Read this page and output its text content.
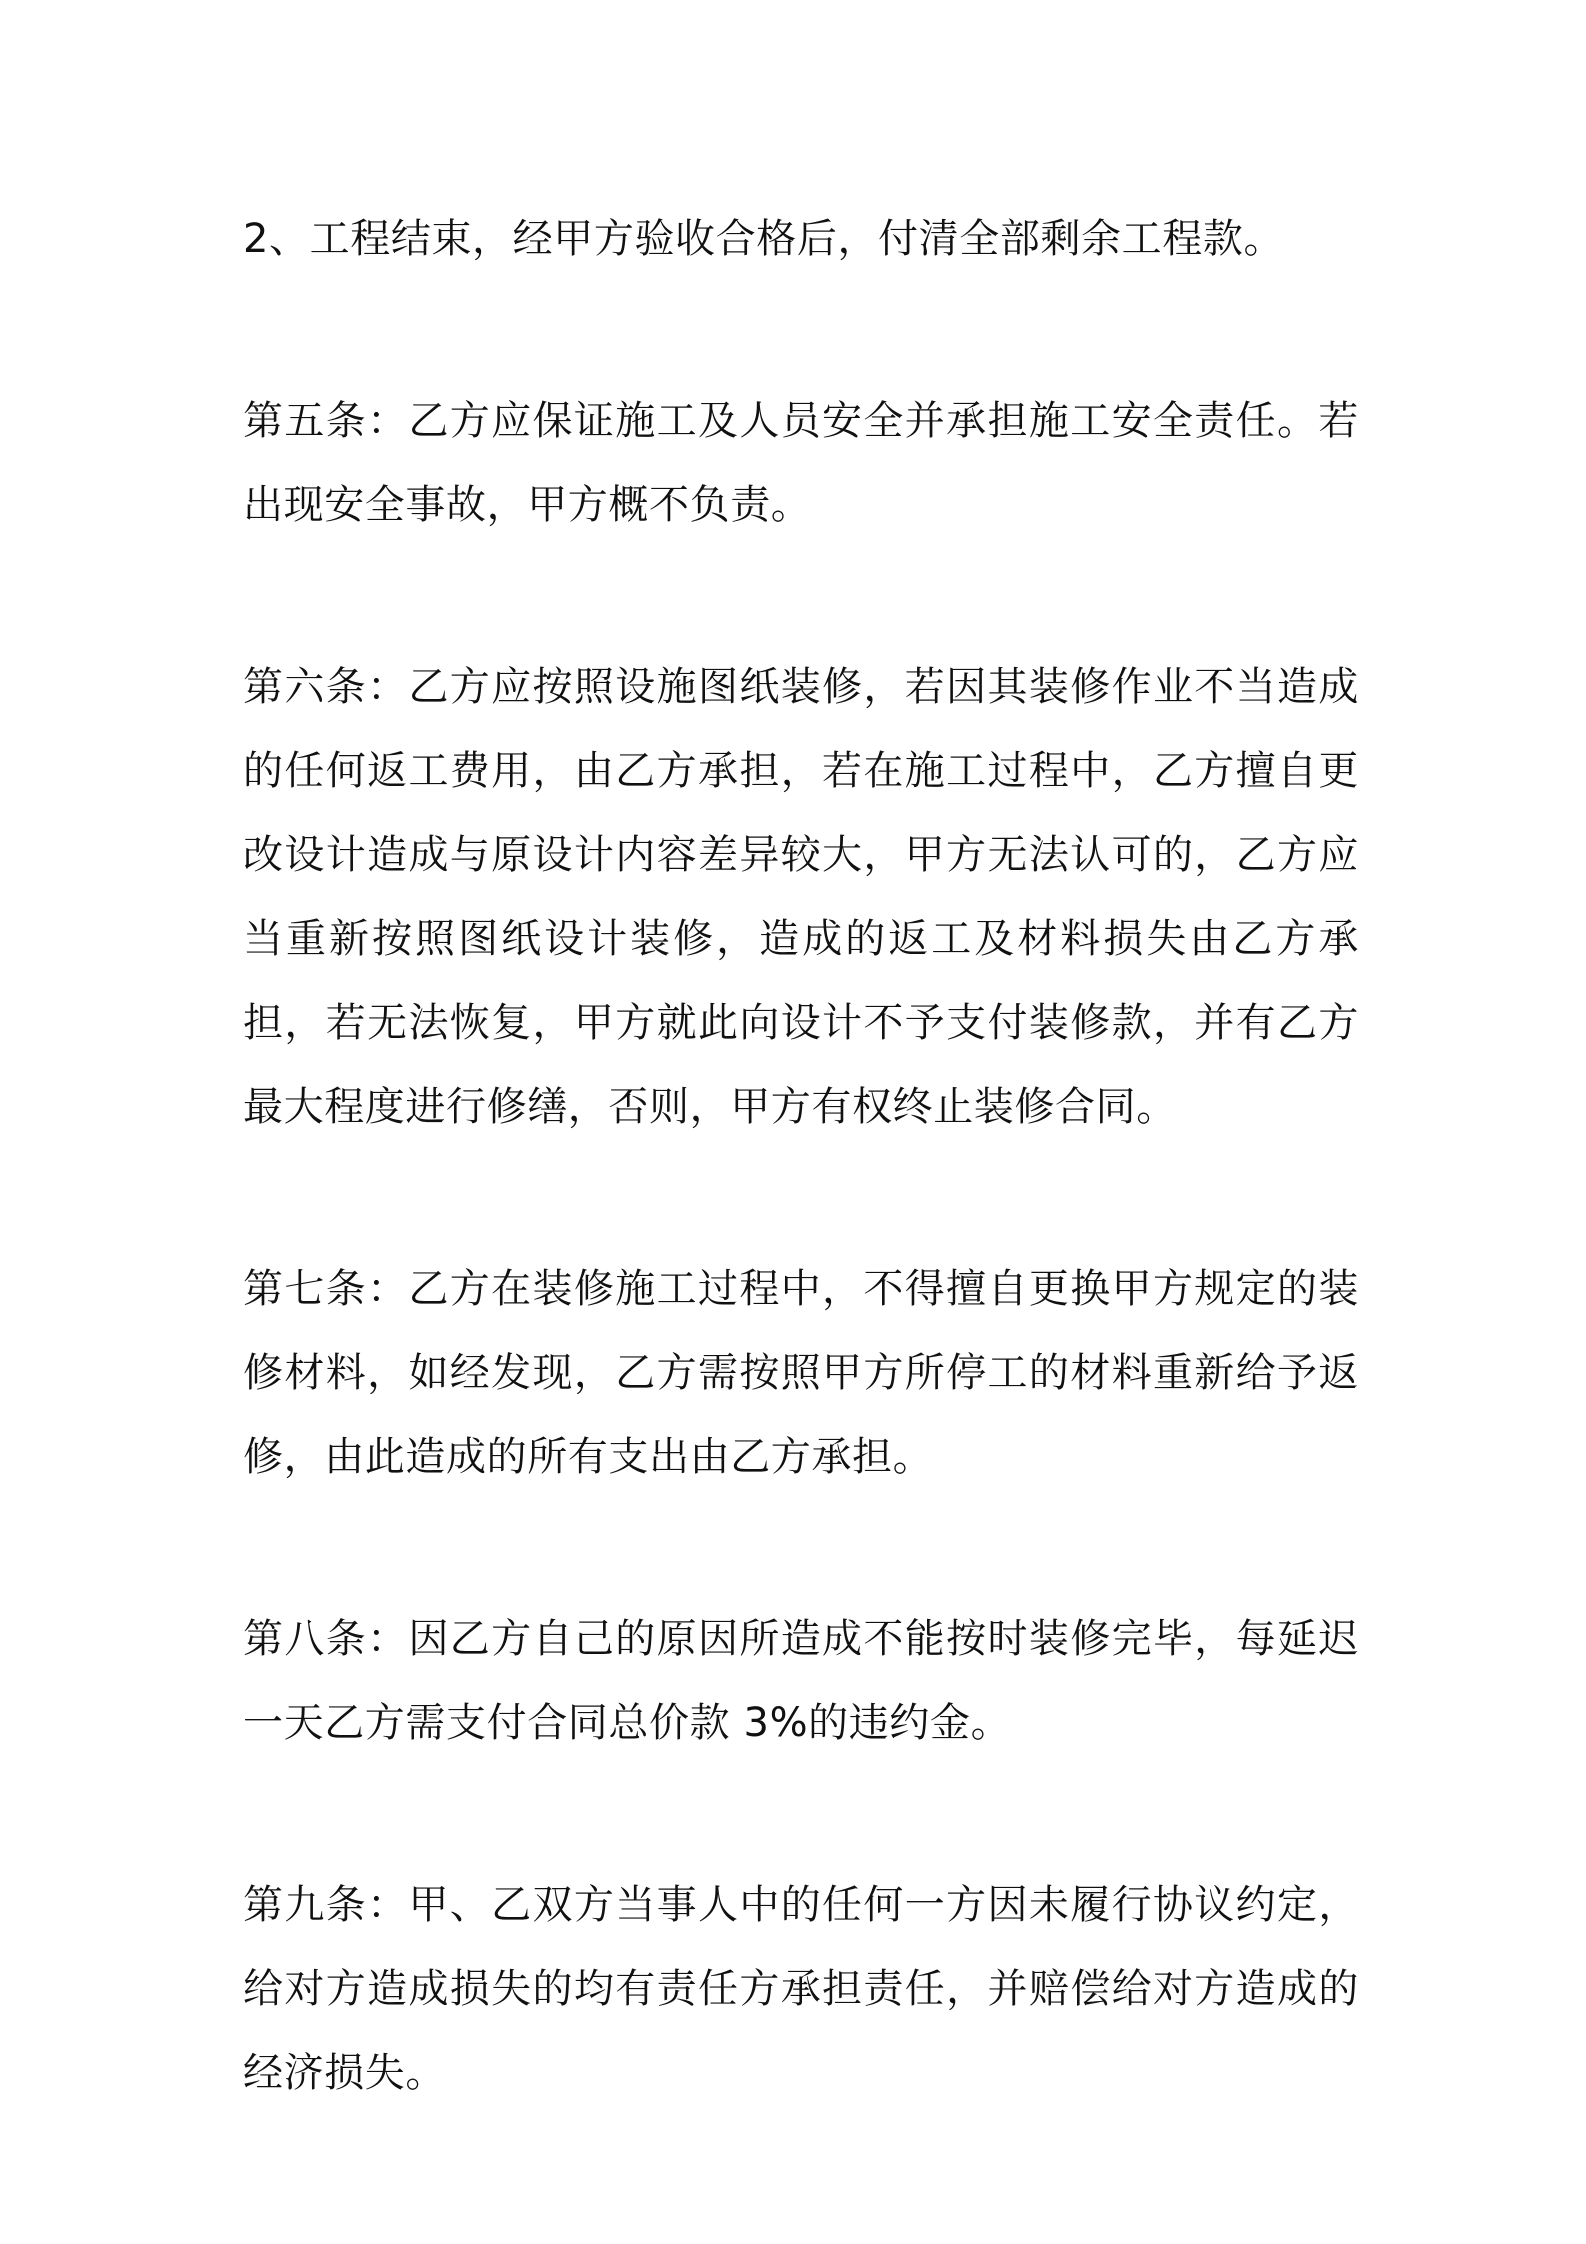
2、工程结束，经甲方验收合格后，付清全部剩余工程款。

第五条：乙方应保证施工及人员安全并承担施工安全责任。若出现安全事故，甲方概不负责。

第六条：乙方应按照设施图纸装修，若因其装修作业不当造成的任何返工费用，由乙方承担，若在施工过程中，乙方擅自更改设计造成与原设计内容差异较大，甲方无法认可的，乙方应当重新按照图纸设计装修，造成的返工及材料损失由乙方承担，若无法恢复，甲方就此向设计不予支付装修款，并有乙方最大程度进行修缮，否则，甲方有权终止装修合同。

第七条：乙方在装修施工过程中，不得擅自更换甲方规定的装修材料，如经发现，乙方需按照甲方所停工的材料重新给予返修，由此造成的所有支出由乙方承担。

第八条：因乙方自己的原因所造成不能按时装修完毕，每延迟一天乙方需支付合同总价款 3%的违约金。

第九条：甲、乙双方当事人中的任何一方因未履行协议约定，给对方造成损失的均有责任方承担责任，并赔偿给对方造成的经济损失。
